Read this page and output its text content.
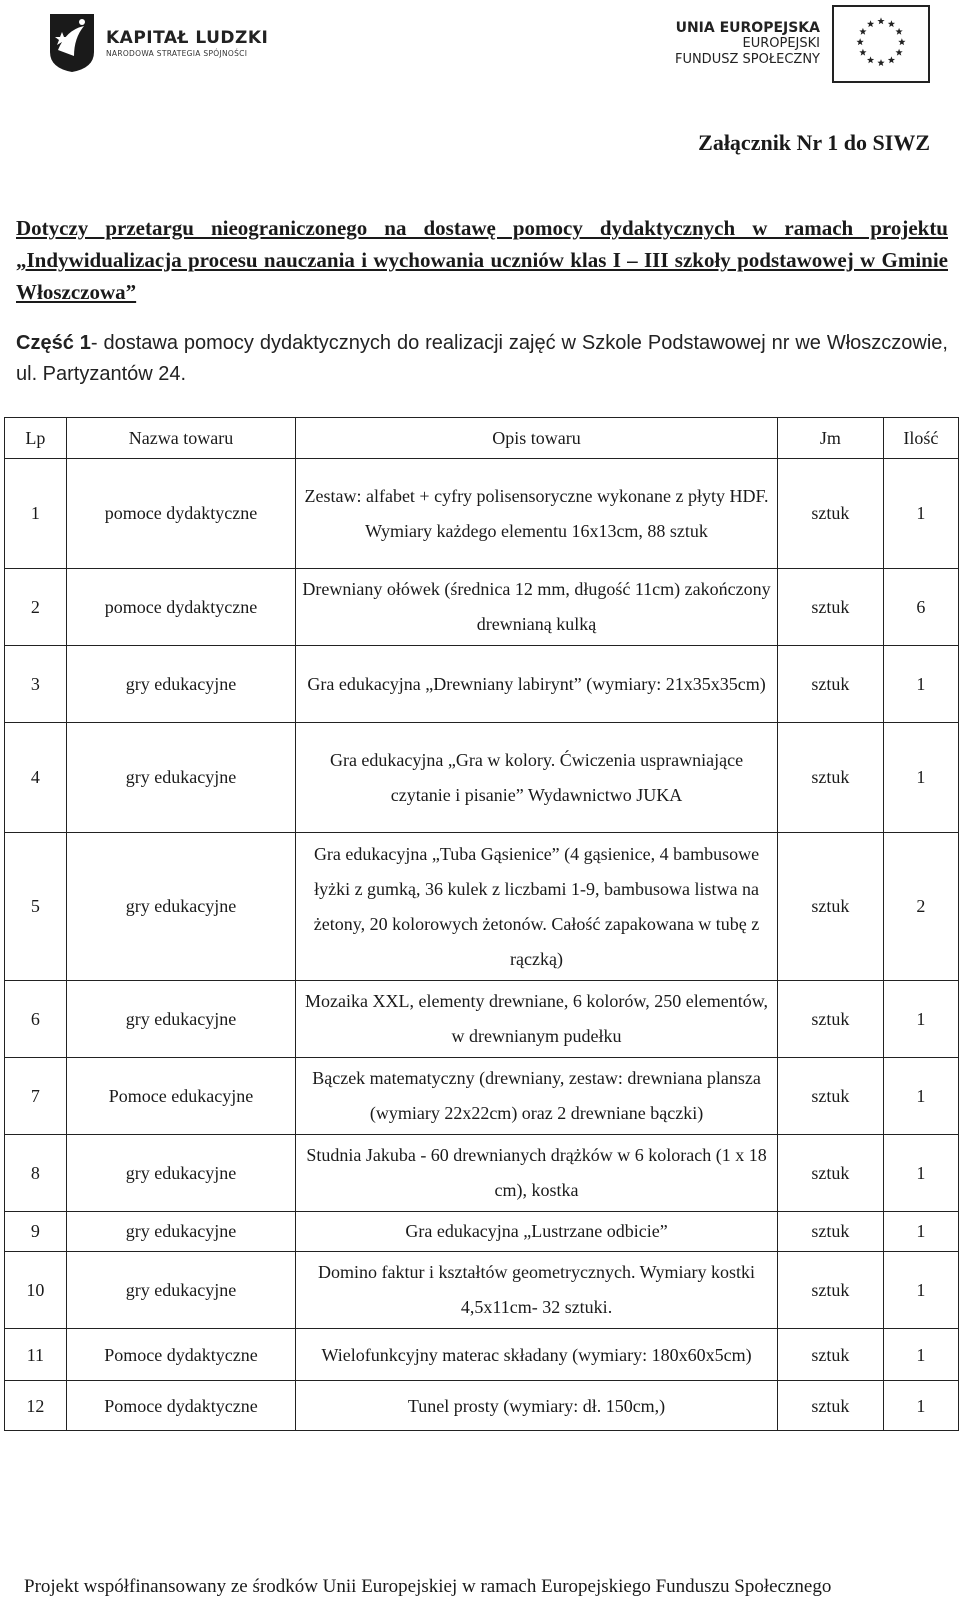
KAPITAŁ LUDZKI
NARODOWA STRATEGIA SPÓJNOŚCI
UNIA EUROPEJSKA
EUROPEJSKI
FUNDUSZ SPOŁECZNY
Załącznik Nr 1 do SIWZ
Dotyczy przetargu nieograniczonego na dostawę pomocy dydaktycznych w ramach projektu „Indywidualizacja procesu nauczania i wychowania uczniów klas I – III szkoły podstawowej w Gminie Włoszczowa”
Część 1- dostawa pomocy dydaktycznych do realizacji zajęć w Szkole Podstawowej nr we Włoszczowie, ul. Partyzantów 24.
Lp	Nazwa towaru	Opis towaru	Jm	Ilość
1	pomoce dydaktyczne	Zestaw: alfabet + cyfry polisensoryczne wykonane z płyty HDF. Wymiary każdego elementu 16x13cm, 88 sztuk	sztuk	1
2	pomoce dydaktyczne	Drewniany ołówek (średnica 12 mm, długość 11cm) zakończony drewnianą kulką	sztuk	6
3	gry edukacyjne	Gra edukacyjna „Drewniany labirynt” (wymiary: 21x35x35cm)	sztuk	1
4	gry edukacyjne	Gra edukacyjna „Gra w kolory. Ćwiczenia usprawniające czytanie i pisanie” Wydawnictwo JUKA	sztuk	1
5	gry edukacyjne	Gra edukacyjna „Tuba Gąsienice” (4 gąsienice, 4 bambusowe łyżki z gumką, 36 kulek z liczbami 1-9, bambusowa listwa na żetony, 20 kolorowych żetonów. Całość zapakowana w tubę z rączką)	sztuk	2
6	gry edukacyjne	Mozaika XXL, elementy drewniane, 6 kolorów, 250 elementów, w drewnianym pudełku	sztuk	1
7	Pomoce edukacyjne	Bączek matematyczny (drewniany, zestaw: drewniana plansza (wymiary 22x22cm) oraz 2 drewniane bączki)	sztuk	1
8	gry edukacyjne	Studnia Jakuba - 60 drewnianych drążków w 6 kolorach (1 x 18 cm), kostka	sztuk	1
9	gry edukacyjne	Gra edukacyjna „Lustrzane odbicie”	sztuk	1
10	gry edukacyjne	Domino faktur i kształtów geometrycznych. Wymiary kostki 4,5x11cm- 32 sztuki.	sztuk	1
11	Pomoce dydaktyczne	Wielofunkcyjny materac składany (wymiary: 180x60x5cm)	sztuk	1
12	Pomoce dydaktyczne	Tunel prosty (wymiary: dł. 150cm,)	sztuk	1
Projekt współfinansowany ze środków Unii Europejskiej w ramach Europejskiego Funduszu Społecznego
